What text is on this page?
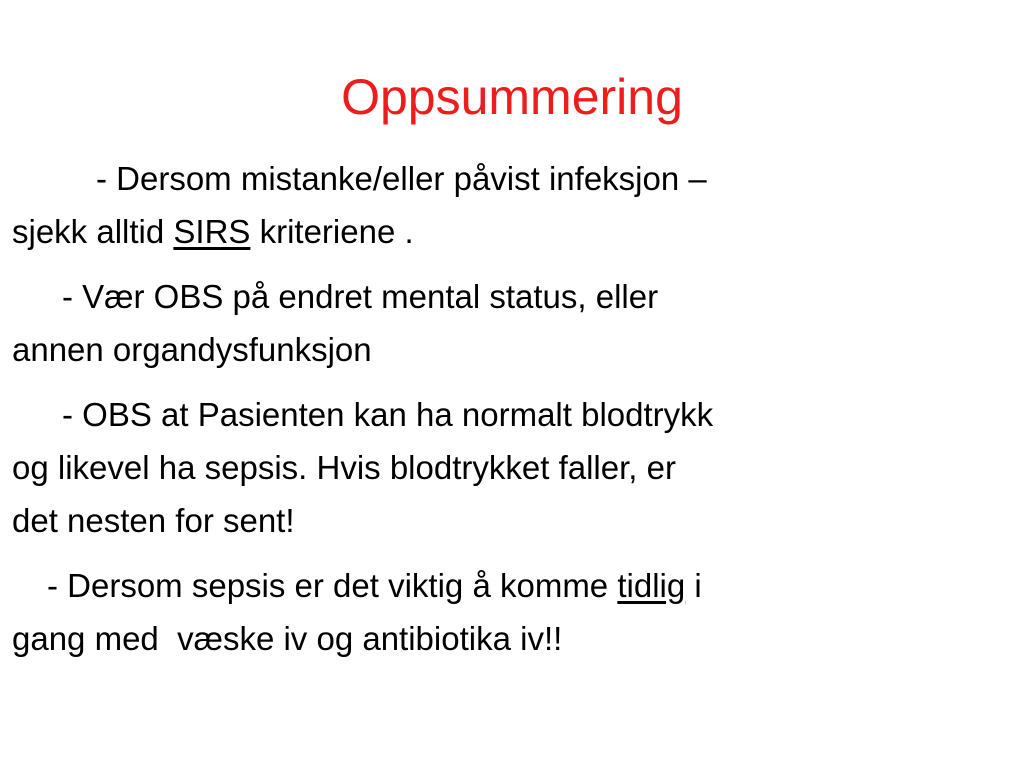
Oppsummering
- Dersom mistanke/eller påvist infeksjon –
sjekk alltid SIRS kriteriene .
- Vær OBS på endret mental status, eller
annen organdysfunksjon
- OBS at Pasienten kan ha normalt blodtrykk
og likevel ha sepsis. Hvis blodtrykket faller, er
det nesten for sent!
- Dersom sepsis er det viktig å komme tidlig i
gang med  væske iv og antibiotika iv!!
